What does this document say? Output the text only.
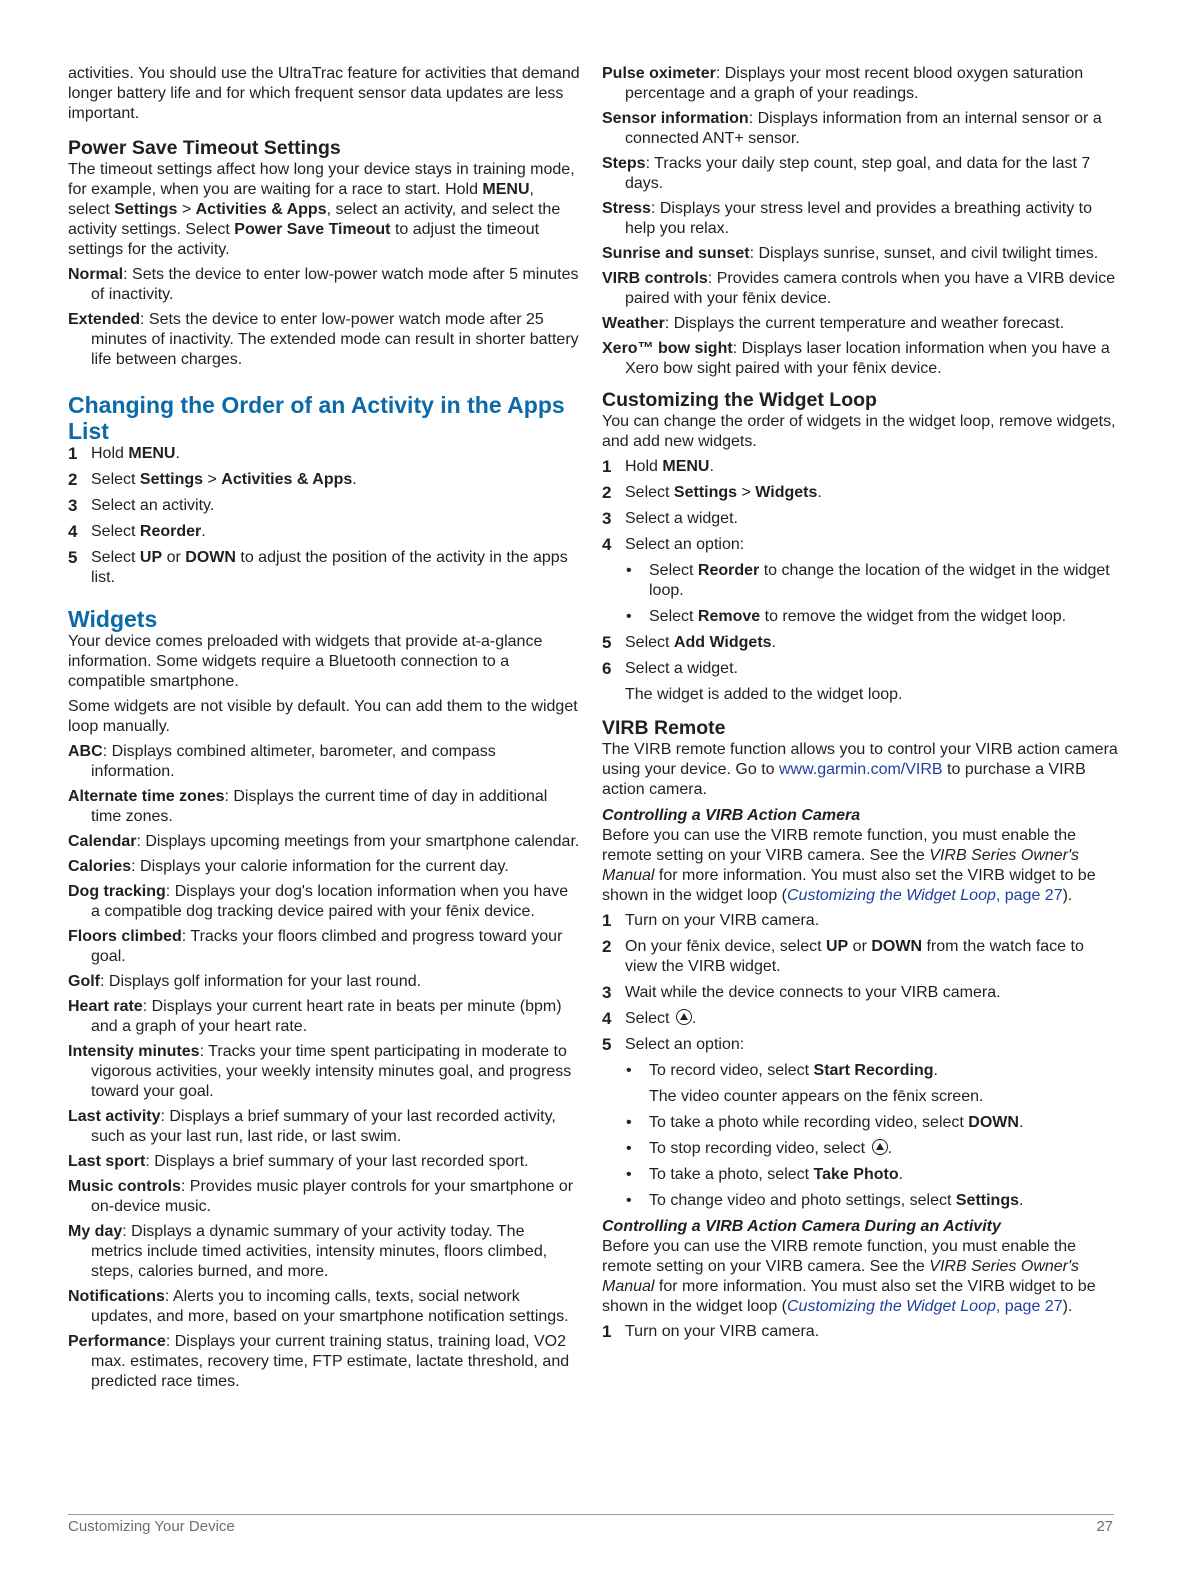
activities. You should use the UltraTrac feature for activities that demand longer battery life and for which frequent sensor data updates are less important.

Power Save Timeout Settings

The timeout settings affect how long your device stays in training mode, for example, when you are waiting for a race to start. Hold MENU, select Settings > Activities & Apps, select an activity, and select the activity settings. Select Power Save Timeout to adjust the timeout settings for the activity.

Normal: Sets the device to enter low-power watch mode after 5 minutes of inactivity.
Extended: Sets the device to enter low-power watch mode after 25 minutes of inactivity. The extended mode can result in shorter battery life between charges.
Changing the Order of an Activity in the Apps List
1 Hold MENU.
2 Select Settings > Activities & Apps.
3 Select an activity.
4 Select Reorder.
5 Select UP or DOWN to adjust the position of the activity in the apps list.
Widgets

Your device comes preloaded with widgets that provide at-a-glance information. Some widgets require a Bluetooth connection to a compatible smartphone.

Some widgets are not visible by default. You can add them to the widget loop manually.

ABC: Displays combined altimeter, barometer, and compass information.
Alternate time zones: Displays the current time of day in additional time zones.
Calendar: Displays upcoming meetings from your smartphone calendar.
Calories: Displays your calorie information for the current day.
Dog tracking: Displays your dog's location information when you have a compatible dog tracking device paired with your fēnix device.
Floors climbed: Tracks your floors climbed and progress toward your goal.
Golf: Displays golf information for your last round.
Heart rate: Displays your current heart rate in beats per minute (bpm) and a graph of your heart rate.
Intensity minutes: Tracks your time spent participating in moderate to vigorous activities, your weekly intensity minutes goal, and progress toward your goal.
Last activity: Displays a brief summary of your last recorded activity, such as your last run, last ride, or last swim.
Last sport: Displays a brief summary of your last recorded sport.
Music controls: Provides music player controls for your smartphone or on-device music.
My day: Displays a dynamic summary of your activity today. The metrics include timed activities, intensity minutes, floors climbed, steps, calories burned, and more.
Notifications: Alerts you to incoming calls, texts, social network updates, and more, based on your smartphone notification settings.
Performance: Displays your current training status, training load, VO2 max. estimates, recovery time, FTP estimate, lactate threshold, and predicted race times.
Pulse oximeter: Displays your most recent blood oxygen saturation percentage and a graph of your readings.
Sensor information: Displays information from an internal sensor or a connected ANT+ sensor.
Steps: Tracks your daily step count, step goal, and data for the last 7 days.
Stress: Displays your stress level and provides a breathing activity to help you relax.
Sunrise and sunset: Displays sunrise, sunset, and civil twilight times.
VIRB controls: Provides camera controls when you have a VIRB device paired with your fēnix device.
Weather: Displays the current temperature and weather forecast.
Xero™ bow sight: Displays laser location information when you have a Xero bow sight paired with your fēnix device.
Customizing the Widget Loop

You can change the order of widgets in the widget loop, remove widgets, and add new widgets.

1 Hold MENU.
2 Select Settings > Widgets.
3 Select a widget.
4 Select an option:
•	Select Reorder to change the location of the widget in the widget loop.
•	Select Remove to remove the widget from the widget loop.
5 Select Add Widgets.
6 Select a widget.
The widget is added to the widget loop.
VIRB Remote

The VIRB remote function allows you to control your VIRB action camera using your device. Go to www.garmin.com/VIRB to purchase a VIRB action camera.

Controlling a VIRB Action Camera

Before you can use the VIRB remote function, you must enable the remote setting on your VIRB camera. See the VIRB Series Owner's Manual for more information. You must also set the VIRB widget to be shown in the widget loop (Customizing the Widget Loop, page 27).

1 Turn on your VIRB camera.
2 On your fēnix device, select UP or DOWN from the watch face to view the VIRB widget.
3 Wait while the device connects to your VIRB camera.
4 Select .
5 Select an option:
•	To record video, select Start Recording.
The video counter appears on the fēnix screen.
•	To take a photo while recording video, select DOWN.
•	To stop recording video, select .
•	To take a photo, select Take Photo.
•	To change video and photo settings, select Settings.
Controlling a VIRB Action Camera During an Activity

Before you can use the VIRB remote function, you must enable the remote setting on your VIRB camera. See the VIRB Series Owner's Manual for more information. You must also set the VIRB widget to be shown in the widget loop (Customizing the Widget Loop, page 27).

1 Turn on your VIRB camera.
Customizing Your Device	27
